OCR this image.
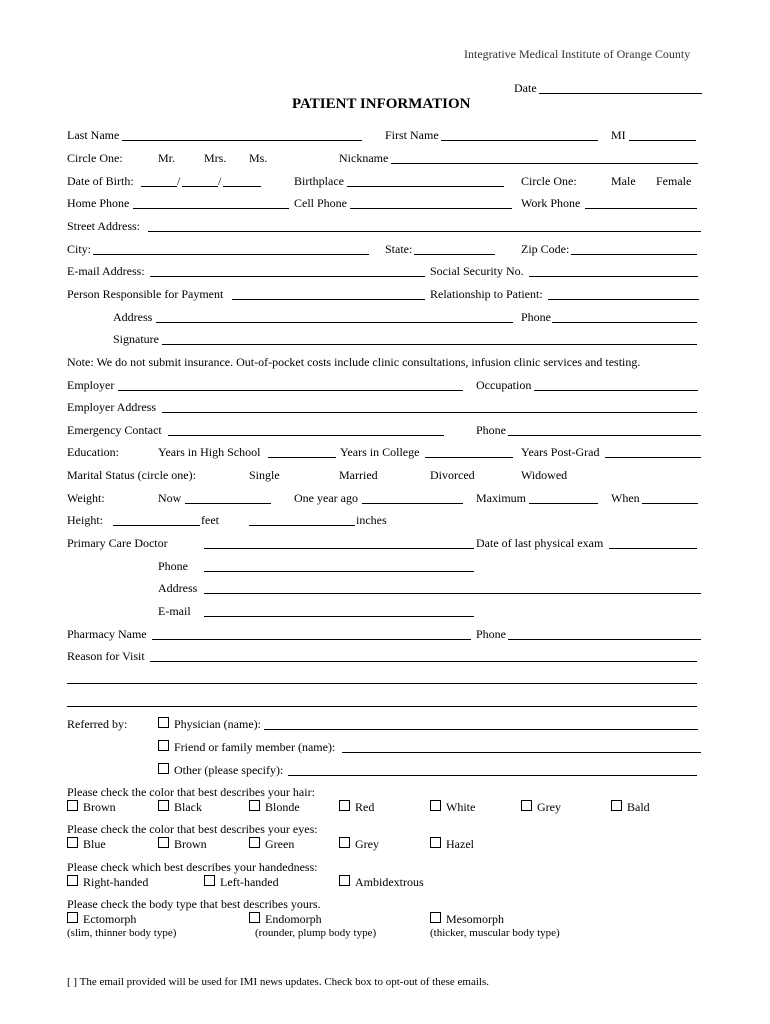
Integrative Medical Institute of Orange County
Date
PATIENT INFORMATION
Last Name	First Name	MI
Circle One:	Mr. Mrs. Ms.	Nickname
Date of Birth:	/	/	Birthplace	Circle One:	Male Female
Home Phone	Cell Phone	Work Phone
Street Address:
City:	State:	Zip Code:
E-mail Address:	Social Security No.
Person Responsible for Payment	Relationship to Patient:
Address	Phone
Signature
Note: We do not submit insurance. Out-of-pocket costs include clinic consultations, infusion clinic services and testing.
Employer	Occupation
Employer Address
Emergency Contact	Phone
Education:	Years in High School	Years in College	Years Post-Grad
Marital Status (circle one):	Single	Married	Divorced	Widowed
Weight:	Now	One year ago	Maximum	When
Height:	feet	inches
Primary Care Doctor	Date of last physical exam
Phone
Address
E-mail
Pharmacy Name	Phone
Reason for Visit
Referred by:	Physician (name):
Friend or family member (name):
Other (please specify):
Please check the color that best describes your hair:
Brown	Black	Blonde	Red	White	Grey	Bald
Please check the color that best describes your eyes:
Blue	Brown	Green	Grey	Hazel
Please check which best describes your handedness:
Right-handed	Left-handed	Ambidextrous
Please check the body type that best describes yours.
Ectomorph	Endomorph	Mesomorph
(slim, thinner body type)	(rounder, plump body type)	(thicker, muscular body type)
[ ] The email provided will be used for IMI news updates. Check box to opt-out of these emails.
